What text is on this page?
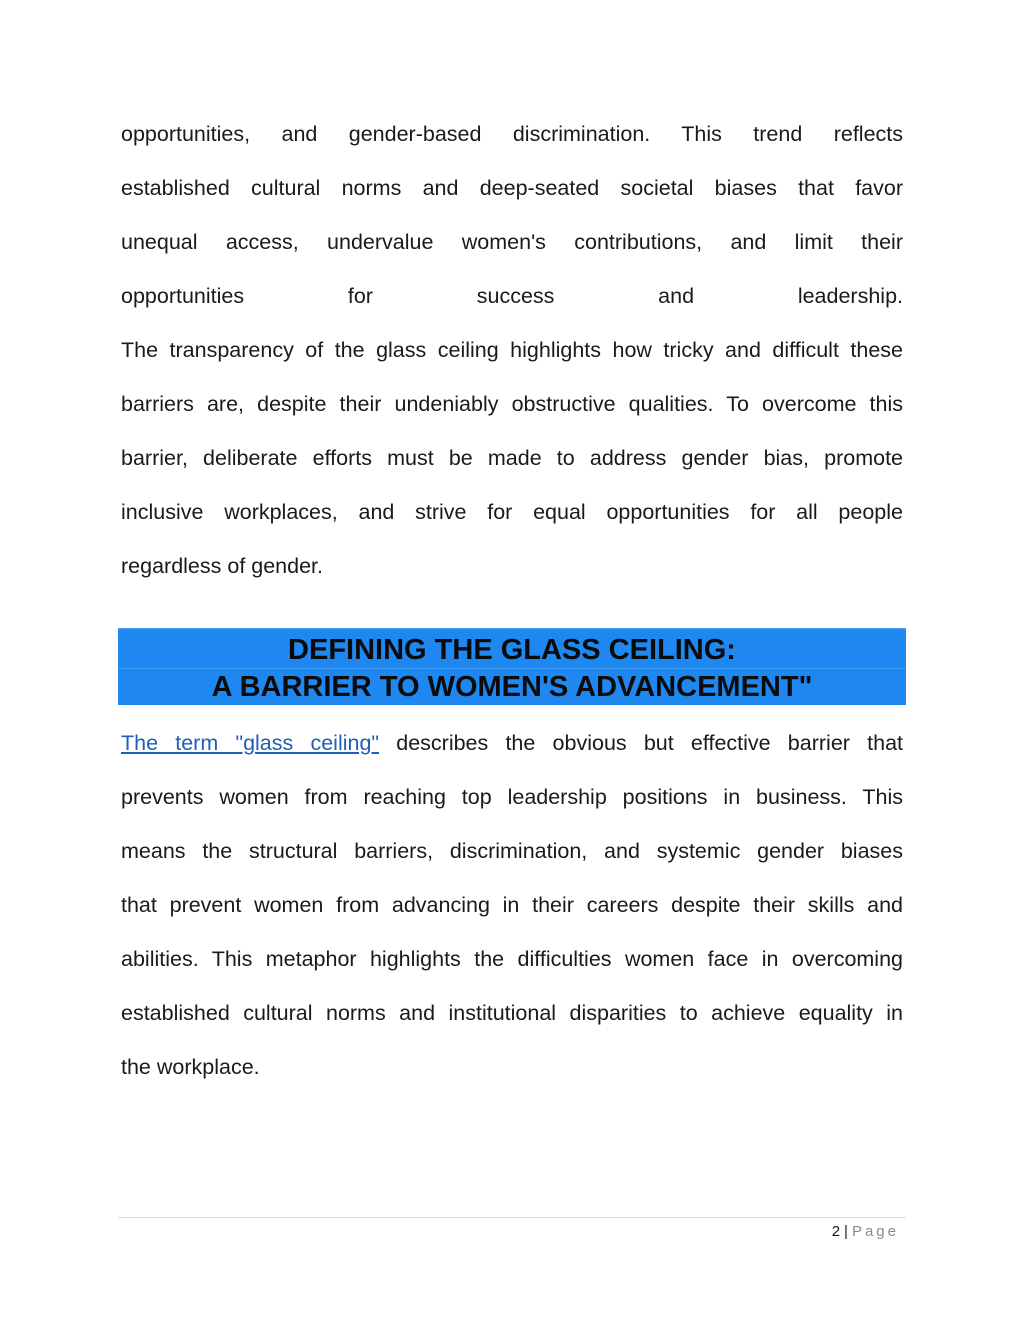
opportunities, and gender-based discrimination. This trend reflects
established cultural norms and deep-seated societal biases that favor
unequal access, undervalue women's contributions, and limit their
opportunities for success and leadership.
The transparency of the glass ceiling highlights how tricky and difficult these
barriers are, despite their undeniably obstructive qualities. To overcome this
barrier, deliberate efforts must be made to address gender bias, promote
inclusive workplaces, and strive for equal opportunities for all people
regardless of gender.
DEFINING THE GLASS CEILING:
A BARRIER TO WOMEN'S ADVANCEMENT"
The term "glass ceiling" describes the obvious but effective barrier that
prevents women from reaching top leadership positions in business. This
means the structural barriers, discrimination, and systemic gender biases
that prevent women from advancing in their careers despite their skills and
abilities. This metaphor highlights the difficulties women face in overcoming
established cultural norms and institutional disparities to achieve equality in
the workplace.
2 | Page
